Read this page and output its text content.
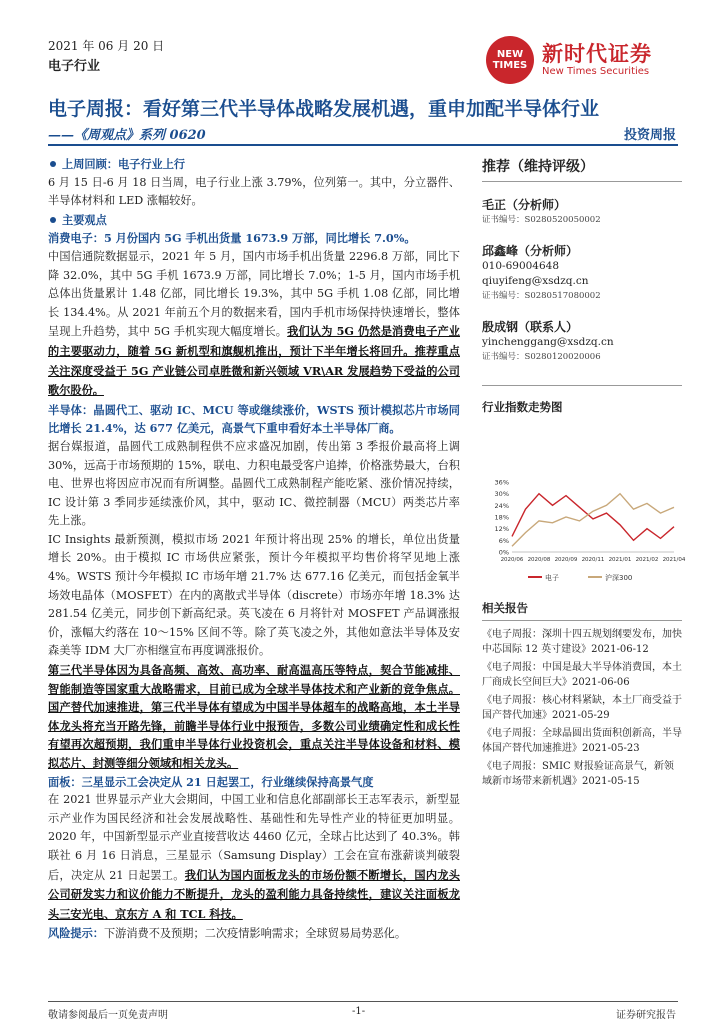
2021 年 06 月 20 日
电子行业
NEW TIMES 新时代证券
New Times Securities
电子周报：看好第三代半导体战略发展机遇，重申加配半导体行业
——《周观点》系列 0620	投资周报

上周回顾：电子行业上行

6 月 15 日-6 月 18 日当周，电子行业上涨 3.79%，位列第一。其中，分立器件、半导体材料和 LED 涨幅较好。

主要观点

消费电子：5 月份国内 5G 手机出货量 1673.9 万部，同比增长 7.0%。

中国信通院数据显示，2021 年 5 月，国内市场手机出货量 2296.8 万部，同比下降 32.0%，其中 5G 手机 1673.9 万部，同比增长 7.0%；1-5 月，国内市场手机总体出货量累计 1.48 亿部，同比增长 19.3%，其中 5G 手机 1.08 亿部，同比增长 134.4%。从 2021 年前五个月的数据来看，国内手机市场保持快速增长，整体呈现上升趋势，其中 5G 手机实现大幅度增长。我们认为 5G 仍然是消费电子产业的主要驱动力，随着 5G 新机型和旗舰机推出，预计下半年增长将回升。推荐重点关注深度受益于 5G 产业链公司卓胜微和新兴领域 VR\AR 发展趋势下受益的公司歌尔股份。

半导体：晶圆代工、驱动 IC、MCU 等或继续涨价，WSTS 预计模拟芯片市场同比增长 21.4%，达 677 亿美元，高景气下重申看好本土半导体厂商。

据台媒报道，晶圆代工成熟制程供不应求盛况加剧，传出第 3 季报价最高将上调 30%，远高于市场预期的 15%，联电、力积电最受客户追捧，价格涨势最大，台积电、世界也将因应市况而有所调整。晶圆代工成熟制程产能吃紧、涨价情况持续，IC 设计第 3 季同步延续涨价风，其中，驱动 IC、微控制器（MCU）两类芯片率先上涨。

IC Insights 最新预测，模拟市场 2021 年预计将出现 25% 的增长，单位出货量增长 20%。由于模拟 IC 市场供应紧张，预计今年模拟平均售价将罕见地上涨 4%。WSTS 预计今年模拟 IC 市场年增 21.7% 达 677.16 亿美元，而包括金氧半场效电晶体（MOSFET）在内的离散式半导体（discrete）市场亦年增 18.3% 达 281.54 亿美元，同步创下新高纪录。英飞凌在 6 月将针对 MOSFET 产品调涨报价，涨幅大约落在 10～15% 区间不等。除了英飞凌之外，其他如意法半导体及安森美等 IDM 大厂亦相继宣布再度调涨报价。

第三代半导体因为具备高频、高效、高功率、耐高温高压等特点，契合节能减排、智能制造等国家重大战略需求，目前已成为全球半导体技术和产业新的竞争焦点。国产替代加速推进，第三代半导体有望成为中国半导体超车的战略高地，本土半导体龙头将充当开路先锋，前瞻半导体行业中报预告，多数公司业绩确定性和成长性有望再次超预期，我们重申半导体行业投资机会，重点关注半导体设备和材料、模拟芯片、封测等细分领域和相关龙头。

面板：三星显示工会决定从 21 日起罢工，行业继续保持高景气度

在 2021 世界显示产业大会期间，中国工业和信息化部副部长王志军表示，新型显示产业作为国民经济和社会发展战略性、基础性和先导性产业的特征更加明显。2020 年，中国新型显示产业直接营收达 4460 亿元，全球占比达到了 40.3%。韩联社 6 月 16 日消息，三星显示（Samsung Display）工会在宣布涨薪谈判破裂后，决定从 21 日起罢工。我们认为国内面板龙头的市场份额不断增长，国内龙头公司研发实力和议价能力不断提升，龙头的盈利能力具备持续性，建议关注面板龙头三安光电、京东方 A 和 TCL 科技。

风险提示：下游消费不及预期；二次疫情影响需求；全球贸易局势恶化。

推荐（维持评级）
毛正（分析师）
证书编号：S0280520050002
邱鑫峰（分析师）
010-69004648
qiuyifeng@xsdzq.cn
证书编号：S0280517080002
殷成钢（联系人）
yinchenggang@xsdzq.cn
证书编号：S0280120020006
行业指数走势图
36%
30%
24%
18%
12%
6%
0%
2020/06 2020/08 2020/09 2020/11 2021/01 2021/02 2021/04
电子	沪深300
相关报告
《电子周报：深圳十四五规划纲要发布，加快中芯国际 12 英寸建设》2021-06-12
《电子周报：中国是最大半导体消费国，本土厂商成长空间巨大》2021-06-06
《电子周报：核心材料紧缺，本土厂商受益于国产替代加速》2021-05-29
《电子周报：全球晶圆出货面积创新高，半导体国产替代加速推进》2021-05-23
《电子周报：SMIC 财报验证高景气，新领域新市场带来新机遇》2021-05-15
敬请参阅最后一页免责声明	-1-	证券研究报告
